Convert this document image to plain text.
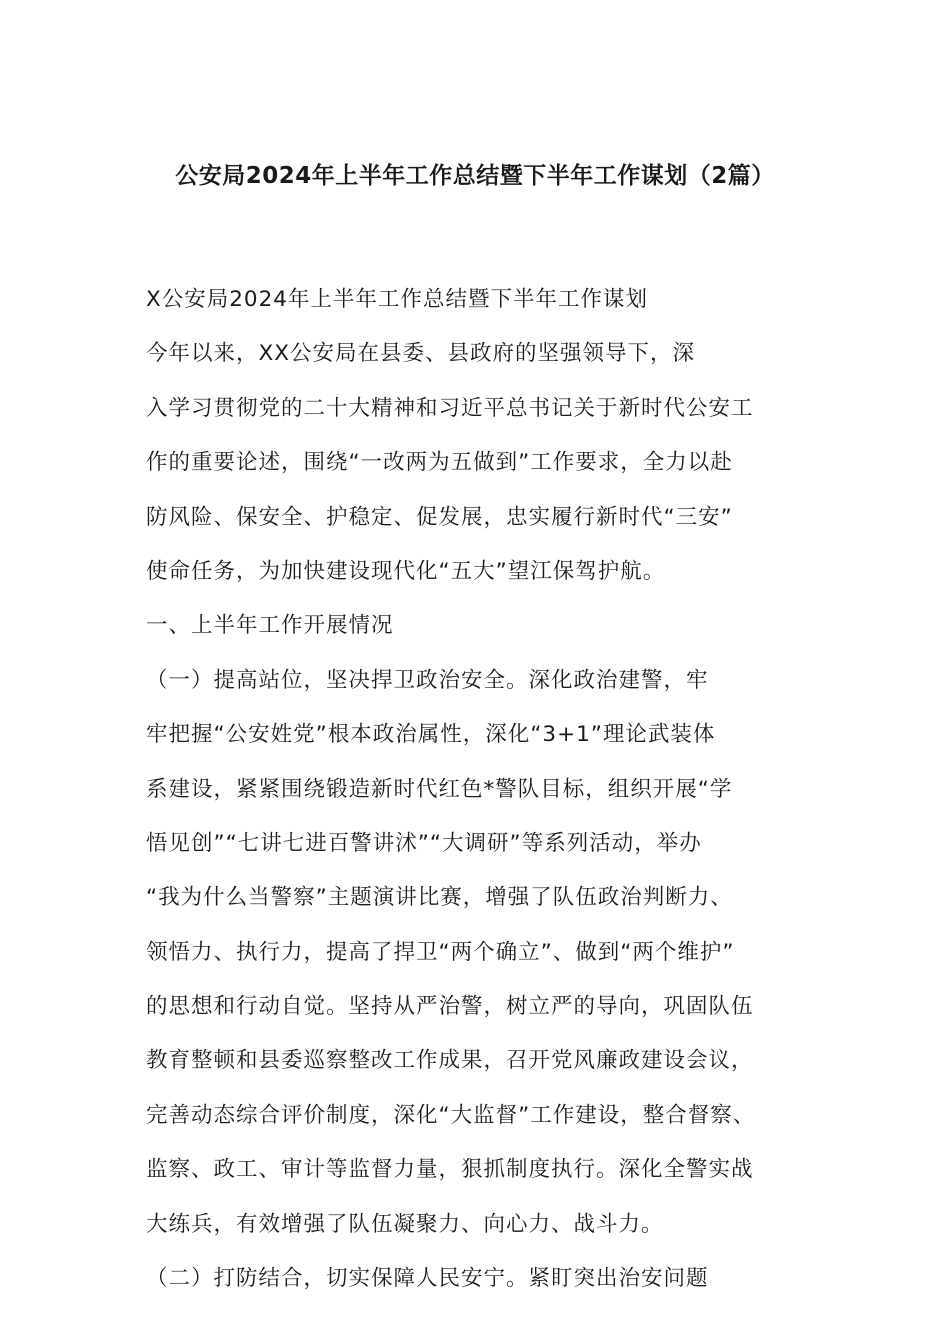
公安局2024年上半年工作总结暨下半年工作谋划（2篇）
X公安局2024年上半年工作总结暨下半年工作谋划
今年以来，XX公安局在县委、县政府的坚强领导下，深
入学习贯彻党的二十大精神和习近平总书记关于新时代公安工
作的重要论述，围绕“一改两为五做到”工作要求，全力以赴
防风险、保安全、护稳定、促发展，忠实履行新时代“三安”
使命任务，为加快建设现代化“五大”望江保驾护航。
一、上半年工作开展情况
（一）提高站位，坚决捍卫政治安全。深化政治建警，牢
牢把握“公安姓党”根本政治属性，深化“3+1”理论武装体
系建设，紧紧围绕锻造新时代红色*警队目标，组织开展“学
悟见创”“七讲七进百警讲沭”“大调研”等系列活动，举办
“我为什么当警察”主题演讲比赛，增强了队伍政治判断力、
领悟力、执行力，提高了捍卫“两个确立”、做到“两个维护”
的思想和行动自觉。坚持从严治警，树立严的导向，巩固队伍
教育整顿和县委巡察整改工作成果，召开党风廉政建设会议，
完善动态综合评价制度，深化“大监督”工作建设，整合督察、
监察、政工、审计等监督力量，狠抓制度执行。深化全警实战
大练兵，有效增强了队伍凝聚力、向心力、战斗力。
（二）打防结合，切实保障人民安宁。紧盯突出治安问题
